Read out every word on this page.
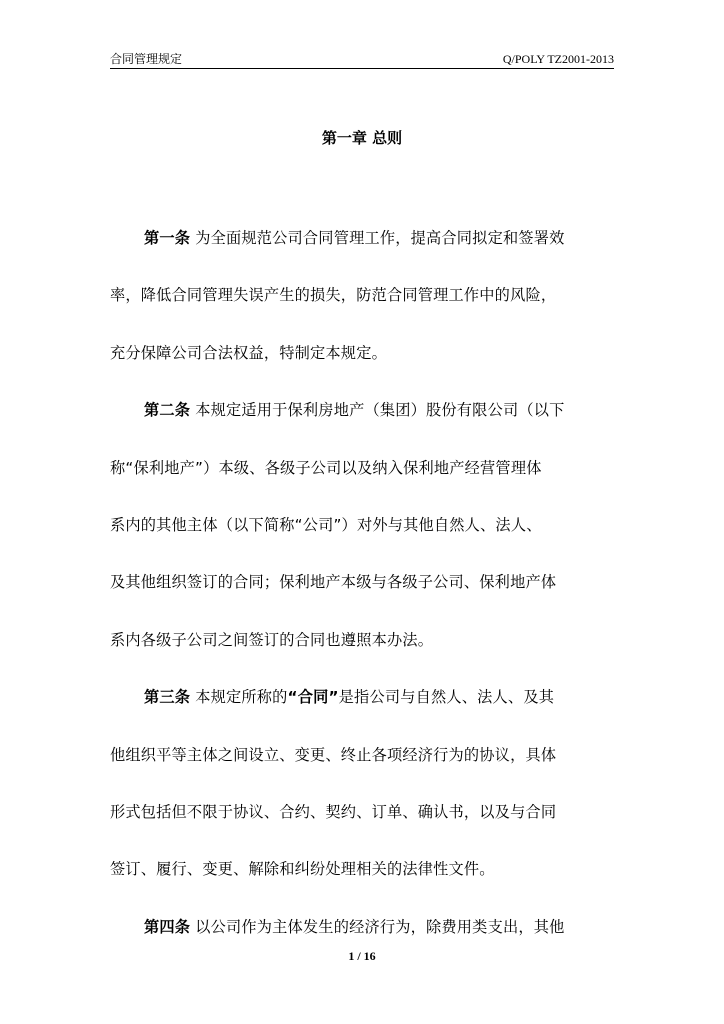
合同管理规定	Q/POLY TZ2001-2013
第一章 总则
第一条 为全面规范公司合同管理工作，提高合同拟定和签署效
率，降低合同管理失误产生的损失，防范合同管理工作中的风险，
充分保障公司合法权益，特制定本规定。
第二条 本规定适用于保利房地产（集团）股份有限公司（以下
称“保利地产”）本级、各级子公司以及纳入保利地产经营管理体
系内的其他主体（以下简称“公司”）对外与其他自然人、法人、
及其他组织签订的合同；保利地产本级与各级子公司、保利地产体
系内各级子公司之间签订的合同也遵照本办法。
第三条 本规定所称的“合同”是指公司与自然人、法人、及其
他组织平等主体之间设立、变更、终止各项经济行为的协议，具体
形式包括但不限于协议、合约、契约、订单、确认书，以及与合同
签订、履行、变更、解除和纠纷处理相关的法律性文件。
第四条 以公司作为主体发生的经济行为，除费用类支出，其他
1 / 16
